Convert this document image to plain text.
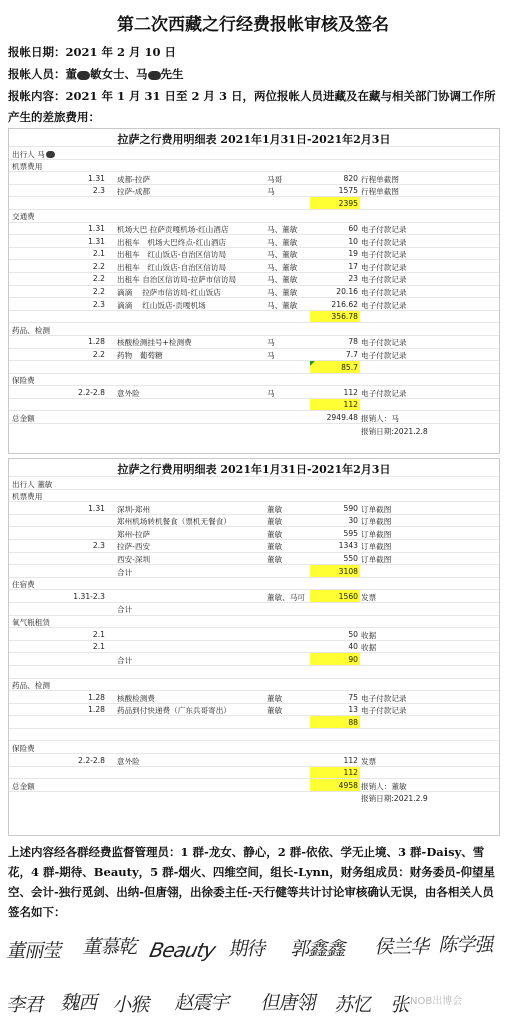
第二次西藏之行经费报帐审核及签名
报帐日期：2021 年 2 月 10 日
报帐人员：董 敏女士、马 先生
报帐内容：2021 年 1 月 31 日至 2 月 3 日，两位报帐人员进藏及在藏与相关部门协调工作所产生的差旅费用：
拉萨之行费用明细表 2021年1月31日-2021年2月3日
出行人 马
机票费用
1.31 成都-拉萨	马哥	820 行程单截图
2.3 拉萨-成都	马	1575 行程单截图
2395
交通费
1.31 机场大巴 拉萨贡嘎机场-红山酒店	马、董敏	60 电子付款记录
1.31 出租车　机场大巴终点-红山酒店	马、董敏	10 电子付款记录
2.1 出租车　红山饭店-自治区信访局	马、董敏	19 电子付款记录
2.2 出租车　红山饭店-自治区信访局	马、董敏	17 电子付款记录
2.2 出租车 自治区信访局-拉萨市信访局	马、董敏	23 电子付款记录
2.2 滴滴　 拉萨市信访局-红山饭店	马、董敏	20.16 电子付款记录
2.3 滴滴　 红山饭店-贡嘎机场	马、董敏	216.62 电子付款记录
356.78
药品、检测
1.28 核酸检测挂号+检测费	马	78 电子付款记录
2.2 药物　葡萄糖	马	7.7 电子付款记录
85.7
保险费
2.2-2.8 意外险	马	112 电子付款记录
112
总金额	2949.48 报销人：马
报销日期:2021.2.8
拉萨之行费用明细表 2021年1月31日-2021年2月3日
出行人 董敏
机票费用
1.31 深圳-郑州	董敏	590 订单截图
郑州机场转机餐食（票机无餐食）	董敏	30 订单截图
郑州-拉萨	董敏	595 订单截图
2.3 拉萨-西安	董敏	1343 订单截图
西安-深圳	董敏	550 订单截图
合计	3108
住宿费
1.31-2.3	董敏、马可	1560 发票
合计
氧气瓶租赁
2.1	50 收据
2.1	40 收据
合计	90
药品、检测
1.28 核酸检测费	董敏	75 电子付款记录
1.28 药品到付快递费（广东兵哥寄出）	董敏	13 电子付款记录
88
保险费
2.2-2.8 意外险	112 发票
112
总金额	4958 报销人：董敏
报销日期:2021.2.9
上述内容经各群经费监督管理员：1 群-龙女、静心，2 群-依依、学无止境、3 群-Daisy、雪花，4 群-期待、Beauty，5 群-烟火、四维空间，组长-Lynn，财务组成员：财务委员-仰望星空、会计-独行觅剑、出纳-但唐翎，出徐委主任-天行健等共计讨论审核确认无误，由各相关人员签名如下：
董丽莹 董慕乾 Beauty 期待 郭鑫鑫 侯兰华 陈学强
李君 魏西 小猴 赵震宇 但唐翎 苏忆 张
NOB出博会
